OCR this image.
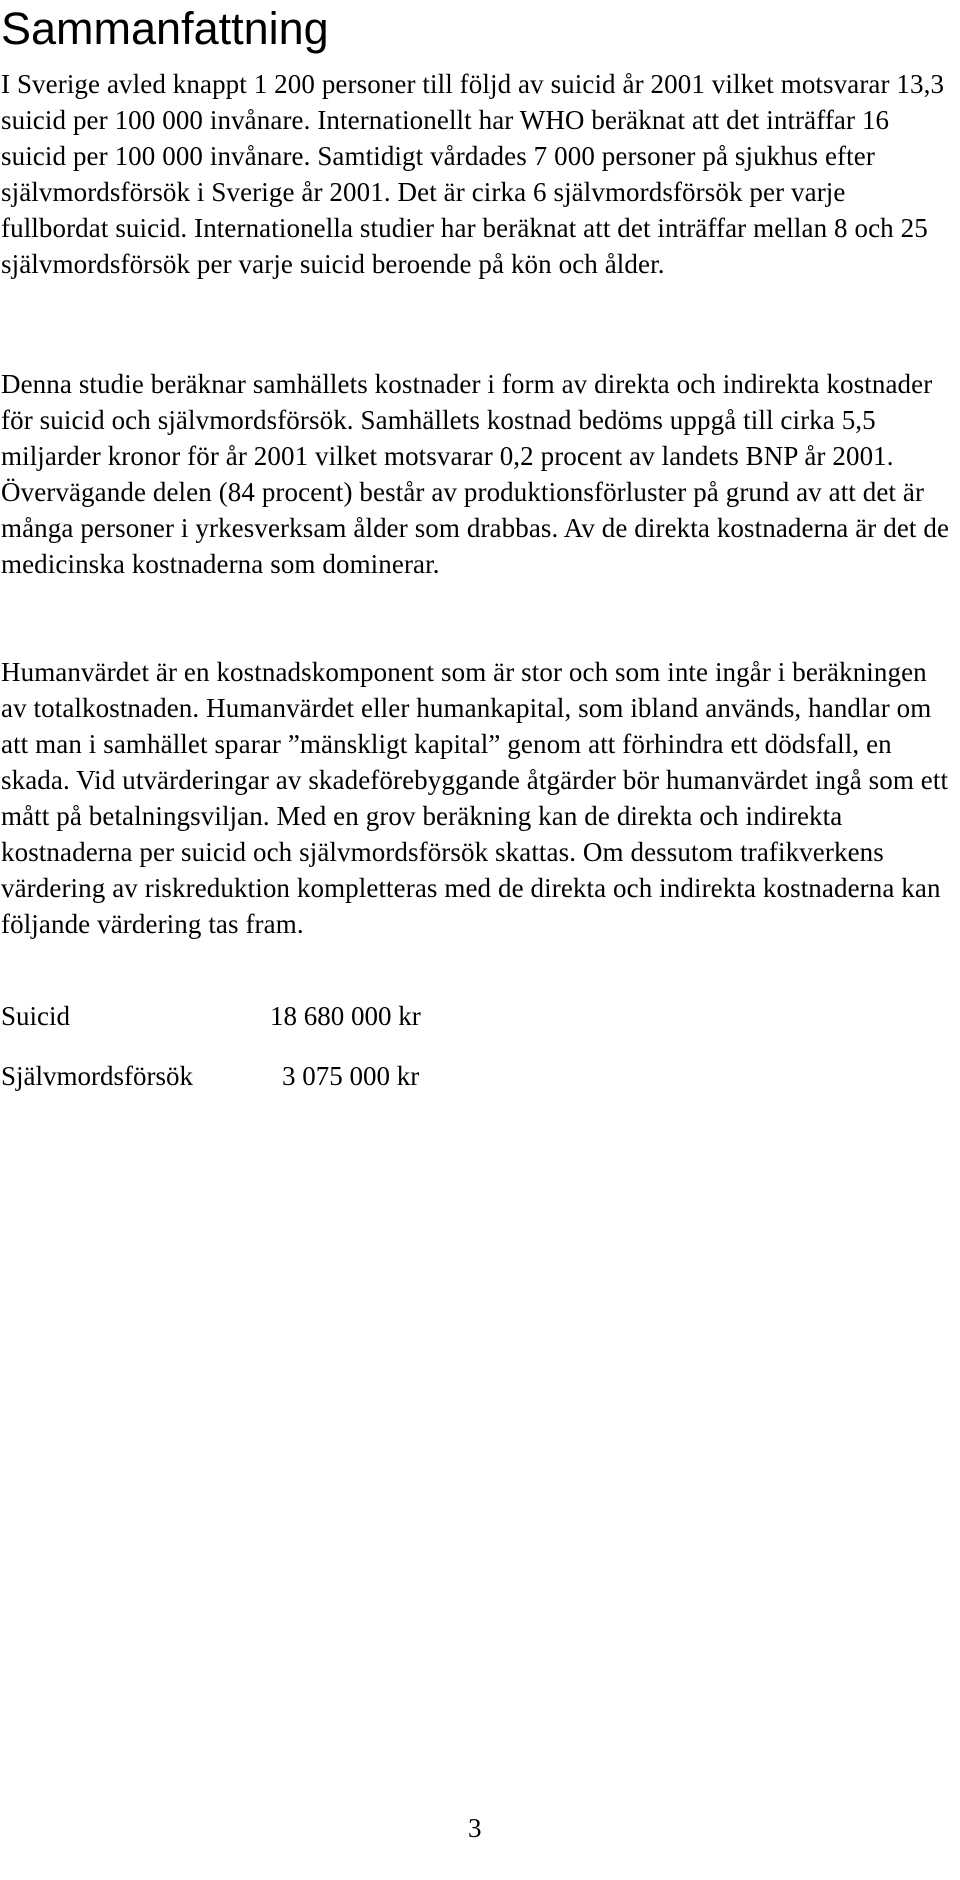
Sammanfattning

I Sverige avled knappt 1 200 personer till följd av suicid år 2001 vilket motsvarar 13,3 suicid per 100 000 invånare. Internationellt har WHO beräknat att det inträffar 16 suicid per 100 000 invånare. Samtidigt vårdades 7 000 personer på sjukhus efter självmordsförsök i Sverige år 2001. Det är cirka 6 självmordsförsök per varje fullbordat suicid. Internationella studier har beräknat att det inträffar mellan 8 och 25 självmordsförsök per varje suicid beroende på kön och ålder.

Denna studie beräknar samhällets kostnader i form av direkta och indirekta kostnader för suicid och självmordsförsök. Samhällets kostnad bedöms uppgå till cirka 5,5 miljarder kronor för år 2001 vilket motsvarar 0,2 procent av landets BNP år 2001. Övervägande delen (84 procent) består av produktionsförluster på grund av att det är många personer i yrkesverksam ålder som drabbas. Av de direkta kostnaderna är det de medicinska kostnaderna som dominerar.

Humanvärdet är en kostnadskomponent som är stor och som inte ingår i beräkningen av totalkostnaden. Humanvärdet eller humankapital, som ibland används, handlar om att man i samhället sparar ”mänskligt kapital” genom att förhindra ett dödsfall, en skada. Vid utvärderingar av skadeförebyggande åtgärder bör humanvärdet ingå som ett mått på betalningsviljan. Med en grov beräkning kan de direkta och indirekta kostnaderna per suicid och självmordsförsök skattas. Om dessutom trafikverkens värdering av riskreduktion kompletteras med de direkta och indirekta kostnaderna kan följande värdering tas fram.

Suicid	18 680 000 kr
Självmordsförsök	3 075 000 kr
3
